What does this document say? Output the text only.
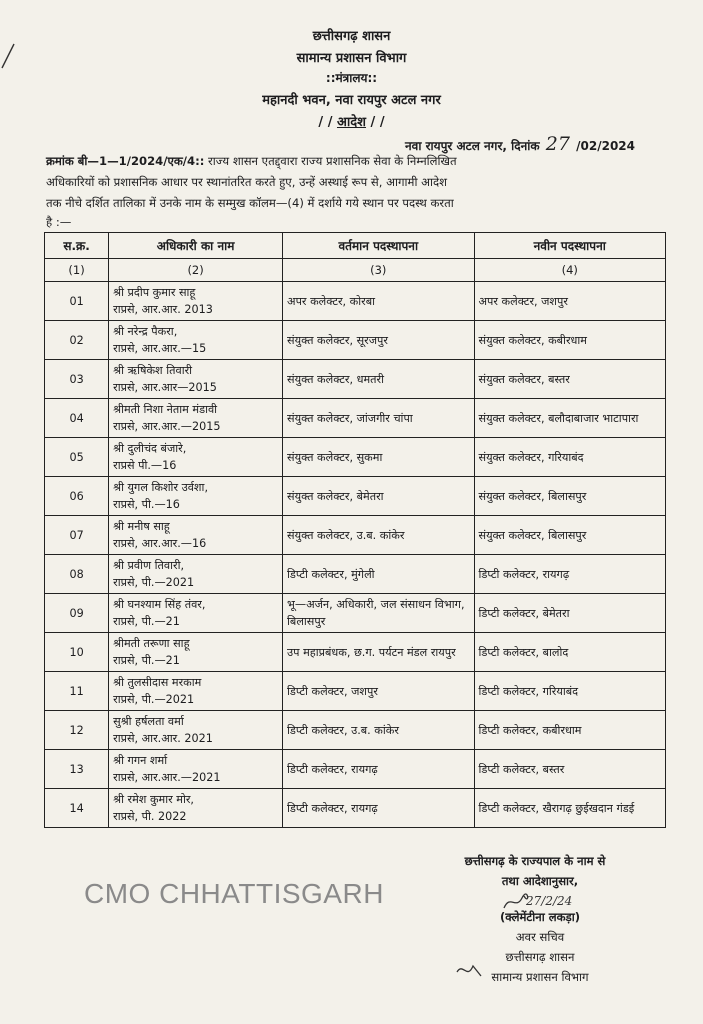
छत्तीसगढ़ शासन
सामान्य प्रशासन विभाग
::मंत्रालय::
महानदी भवन, नवा रायपुर अटल नगर
/ / आदेश / /
नवा रायपुर अटल नगर, दिनांक 27 /02/2024
क्रमांक बी—1—1/2024/एक/4:: राज्य शासन एतद्द्वारा राज्य प्रशासनिक सेवा के निम्नलिखित
अधिकारियों को प्रशासनिक आधार पर स्थानांतरित करते हुए, उन्हें अस्थाई रूप से, आगामी आदेश
तक नीचे दर्शित तालिका में उनके नाम के सम्मुख कॉलम—(4) में दर्शाये गये स्थान पर पदस्थ करता
है :—
स.क्र.	अधिकारी का नाम	वर्तमान पदस्थापना	नवीन पदस्थापना
(1)	(2)	(3)	(4)
01	श्री प्रदीप कुमार साहू
राप्रसे, आर.आर. 2013	अपर कलेक्टर, कोरबा	अपर कलेक्टर, जशपुर
02	श्री नरेन्द्र पैकरा,
राप्रसे, आर.आर.—15	संयुक्त कलेक्टर, सूरजपुर	संयुक्त कलेक्टर, कबीरधाम
03	श्री ऋषिकेश तिवारी
राप्रसे, आर.आर—2015	संयुक्त कलेक्टर, धमतरी	संयुक्त कलेक्टर, बस्तर
04	श्रीमती निशा नेताम मंडावी
राप्रसे, आर.आर.—2015	संयुक्त कलेक्टर, जांजगीर चांपा	संयुक्त कलेक्टर, बलौदाबाजार भाटापारा
05	श्री दुलीचंद बंजारे,
राप्रसे पी.—16	संयुक्त कलेक्टर, सुकमा	संयुक्त कलेक्टर, गरियाबंद
06	श्री युगल किशोर उर्वशा,
राप्रसे, पी.—16	संयुक्त कलेक्टर, बेमेतरा	संयुक्त कलेक्टर, बिलासपुर
07	श्री मनीष साहू
राप्रसे, आर.आर.—16	संयुक्त कलेक्टर, उ.ब. कांकेर	संयुक्त कलेक्टर, बिलासपुर
08	श्री प्रवीण तिवारी,
राप्रसे, पी.—2021	डिप्टी कलेक्टर, मुंगेली	डिप्टी कलेक्टर, रायगढ़
09	श्री घनश्याम सिंह तंवर,
राप्रसे, पी.—21	भू—अर्जन, अधिकारी, जल संसाधन विभाग, बिलासपुर	डिप्टी कलेक्टर, बेमेतरा
10	श्रीमती तरूणा साहू
राप्रसे, पी.—21	उप महाप्रबंधक, छ.ग. पर्यटन मंडल रायपुर	डिप्टी कलेक्टर, बालोद
11	श्री तुलसीदास मरकाम
राप्रसे, पी.—2021	डिप्टी कलेक्टर, जशपुर	डिप्टी कलेक्टर, गरियाबंद
12	सुश्री हर्षलता वर्मा
राप्रसे, आर.आर. 2021	डिप्टी कलेक्टर, उ.ब. कांकेर	डिप्टी कलेक्टर, कबीरधाम
13	श्री गगन शर्मा
राप्रसे, आर.आर.—2021	डिप्टी कलेक्टर, रायगढ़	डिप्टी कलेक्टर, बस्तर
14	श्री रमेश कुमार मोर,
राप्रसे, पी. 2022	डिप्टी कलेक्टर, रायगढ़	डिप्टी कलेक्टर, खैरागढ़ छुईखदान गंडई
CMO CHHATTISGARH
छत्तीसगढ़ के राज्यपाल के नाम से
तथा आदेशानुसार,
27/2/24
(क्लेमेंटीना लकड़ा)
अवर सचिव
छत्तीसगढ़ शासन
सामान्य प्रशासन विभाग
